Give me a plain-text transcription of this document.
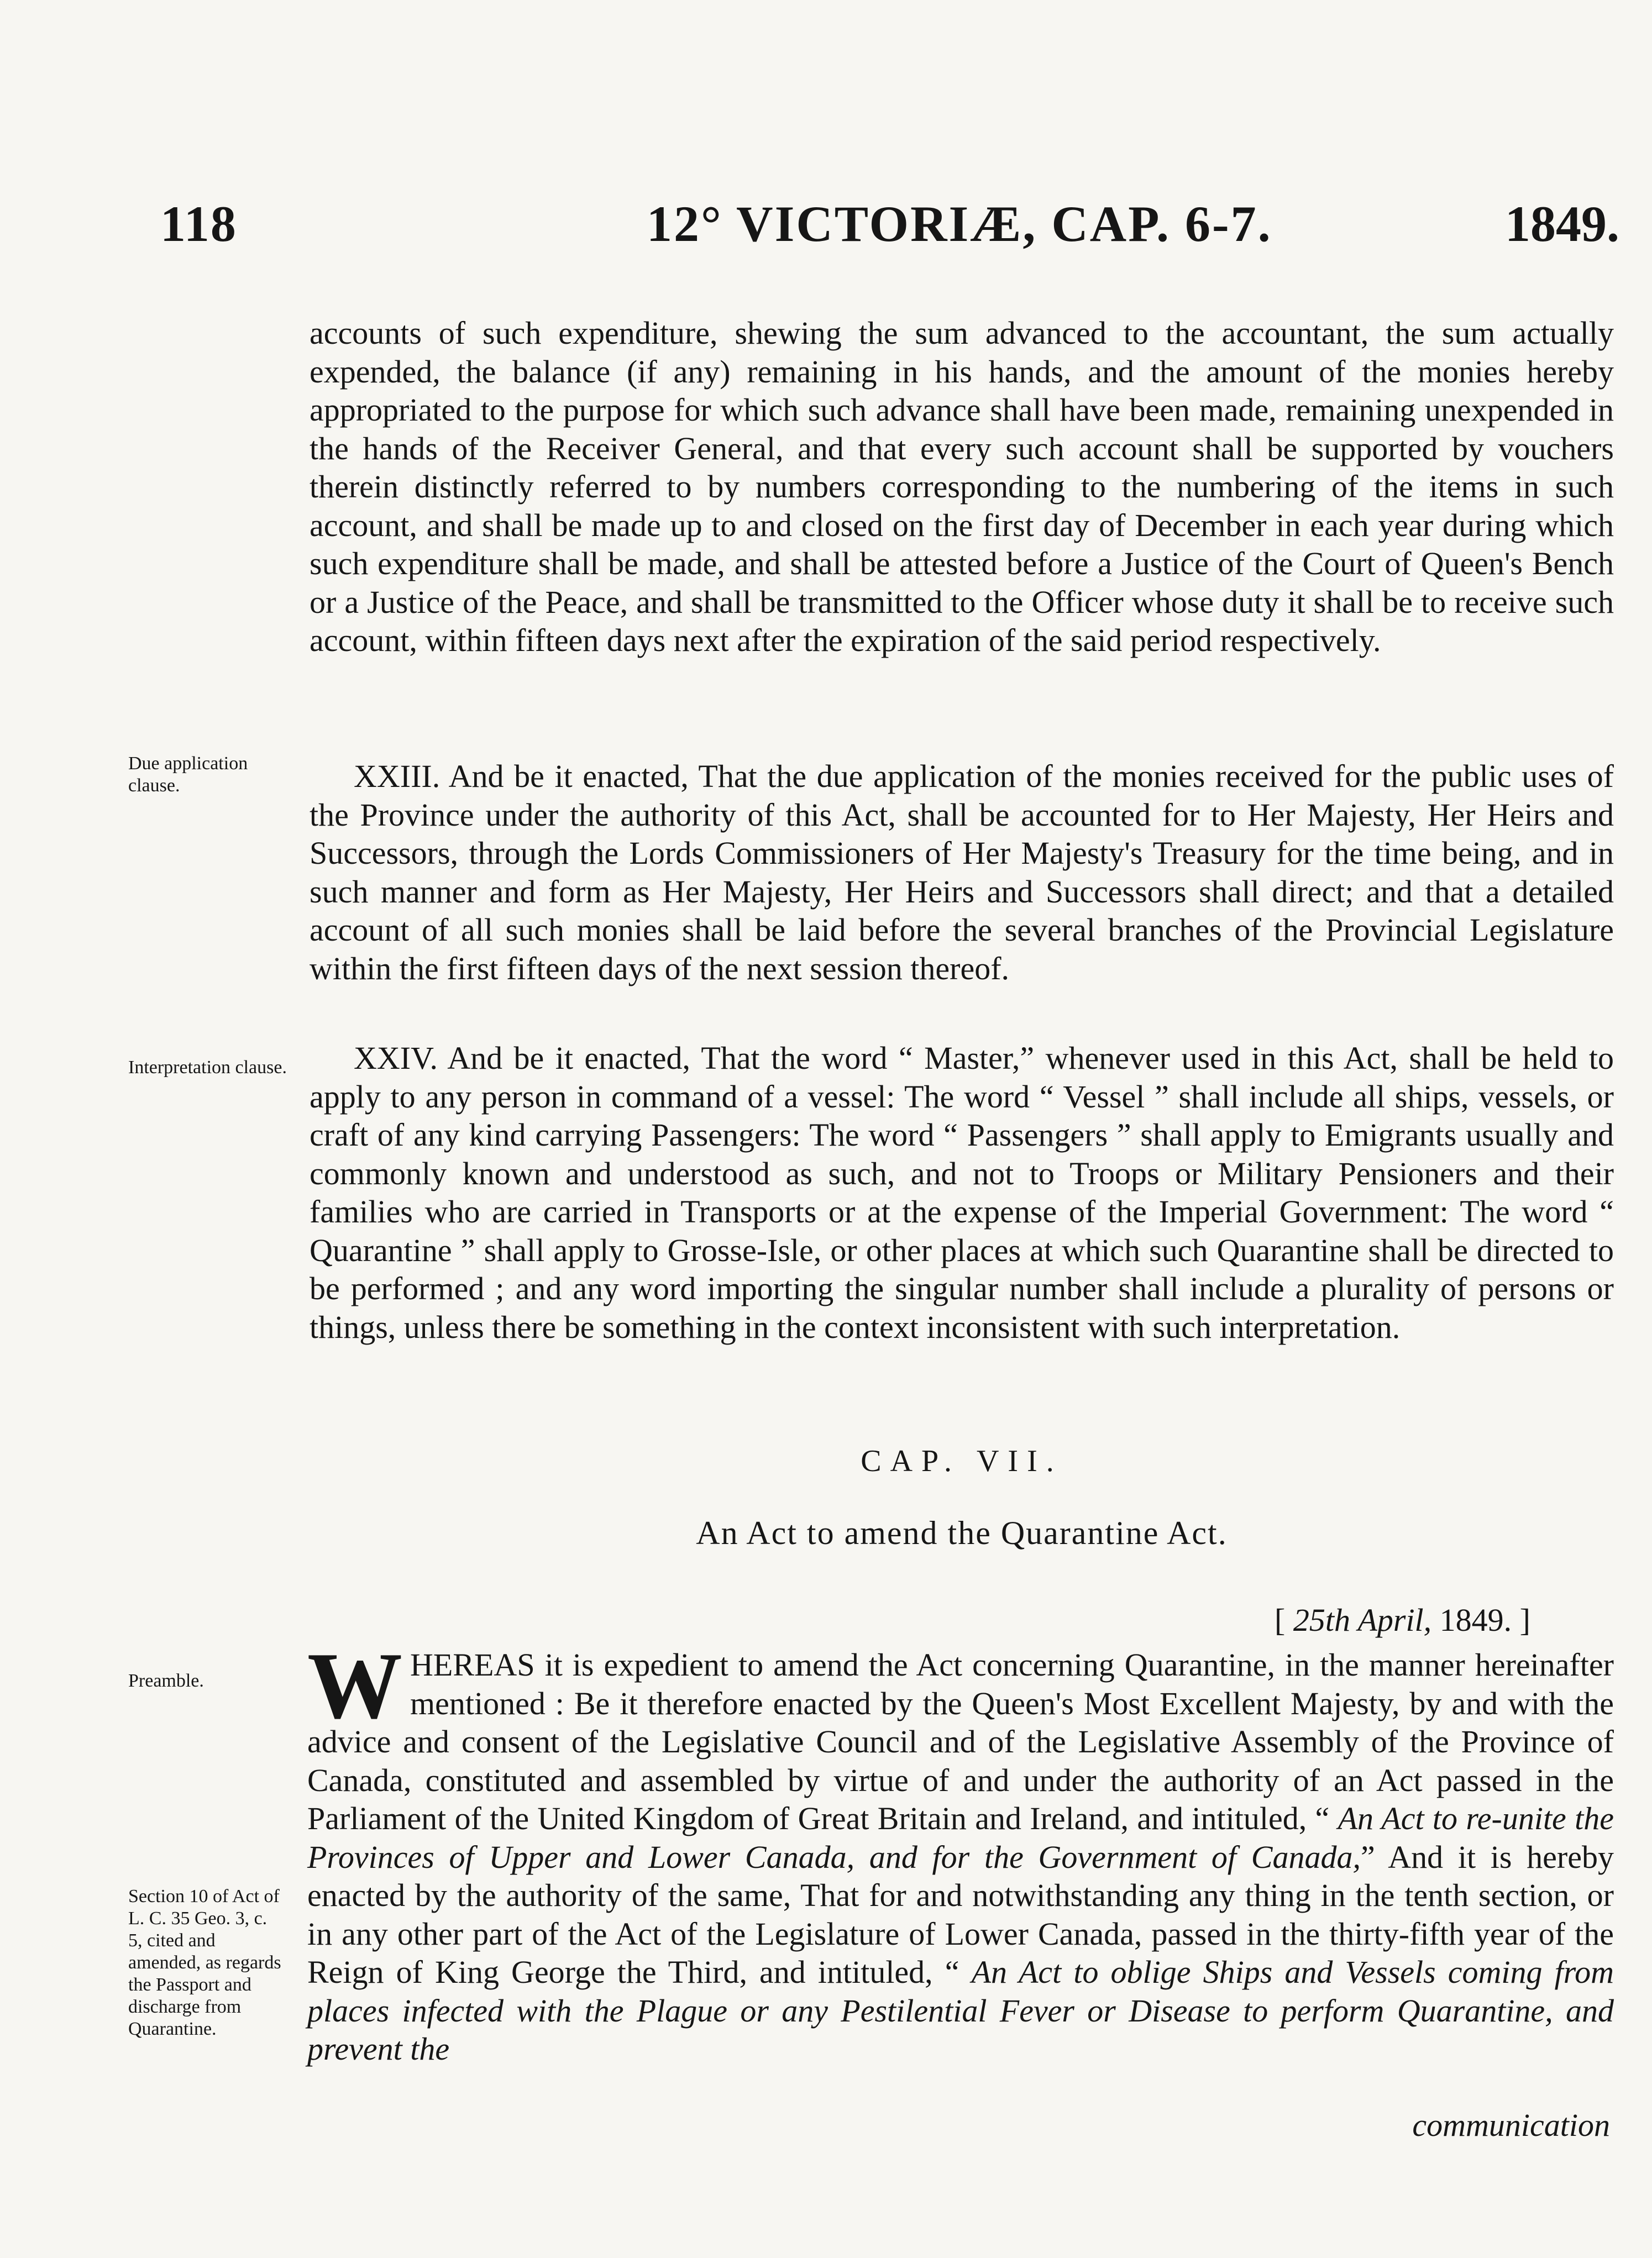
118	12° VICTORIÆ, CAP. 6-7.	1849.

accounts of such expenditure, shewing the sum advanced to the accountant, the sum actually expended, the balance (if any) remaining in his hands, and the amount of the monies hereby appropriated to the purpose for which such advance shall have been made, remaining unexpended in the hands of the Receiver General, and that every such account shall be supported by vouchers therein distinctly referred to by numbers corresponding to the numbering of the items in such account, and shall be made up to and closed on the first day of December in each year during which such expenditure shall be made, and shall be attested before a Justice of the Court of Queen's Bench or a Justice of the Peace, and shall be transmitted to the Officer whose duty it shall be to receive such account, within fifteen days next after the expiration of the said period respectively.

Due application clause.	XXIII. And be it enacted, That the due application of the monies received for the public uses of the Province under the authority of this Act, shall be accounted for to Her Majesty, Her Heirs and Successors, through the Lords Commissioners of Her Majesty's Treasury for the time being, and in such manner and form as Her Majesty, Her Heirs and Successors shall direct; and that a detailed account of all such monies shall be laid before the several branches of the Provincial Legislature within the first fifteen days of the next session thereof.

Interpretation clause.	XXIV. And be it enacted, That the word “ Master,” whenever used in this Act, shall be held to apply to any person in command of a vessel: The word “ Vessel ” shall include all ships, vessels, or craft of any kind carrying Passengers: The word “ Passengers ” shall apply to Emigrants usually and commonly known and understood as such, and not to Troops or Military Pensioners and their families who are carried in Transports or at the expense of the Imperial Government: The word “ Quarantine ” shall apply to Grosse-Isle, or other places at which such Quarantine shall be directed to be performed ; and any word importing the singular number shall include a plurality of persons or things, unless there be something in the context inconsistent with such interpretation.

CAP. VII.
An Act to amend the Quarantine Act.
[ 25th April, 1849. ]
Preamble.
Section 10 of Act of L. C. 35 Geo. 3, c. 5, cited and amended, as regards the Passport and discharge from Quarantine.
W HEREAS it is expedient to amend the Act concerning Quarantine, in the manner hereinafter mentioned : Be it therefore enacted by the Queen's Most Excellent Majesty, by and with the advice and consent of the Legislative Council and of the Legislative Assembly of the Province of Canada, constituted and assembled by virtue of and under the authority of an Act passed in the Parliament of the United Kingdom of Great Britain and Ireland, and intituled, “ An Act to re-unite the Provinces of Upper and Lower Canada, and for the Government of Canada,” And it is hereby enacted by the authority of the same, That for and notwithstanding any thing in the tenth section, or in any other part of the Act of the Legislature of Lower Canada, passed in the thirty-fifth year of the Reign of King George the Third, and intituled, “ An Act to oblige Ships and Vessels coming from places infected with the Plague or any Pestilential Fever or Disease to perform Quarantine, and prevent the

communication
